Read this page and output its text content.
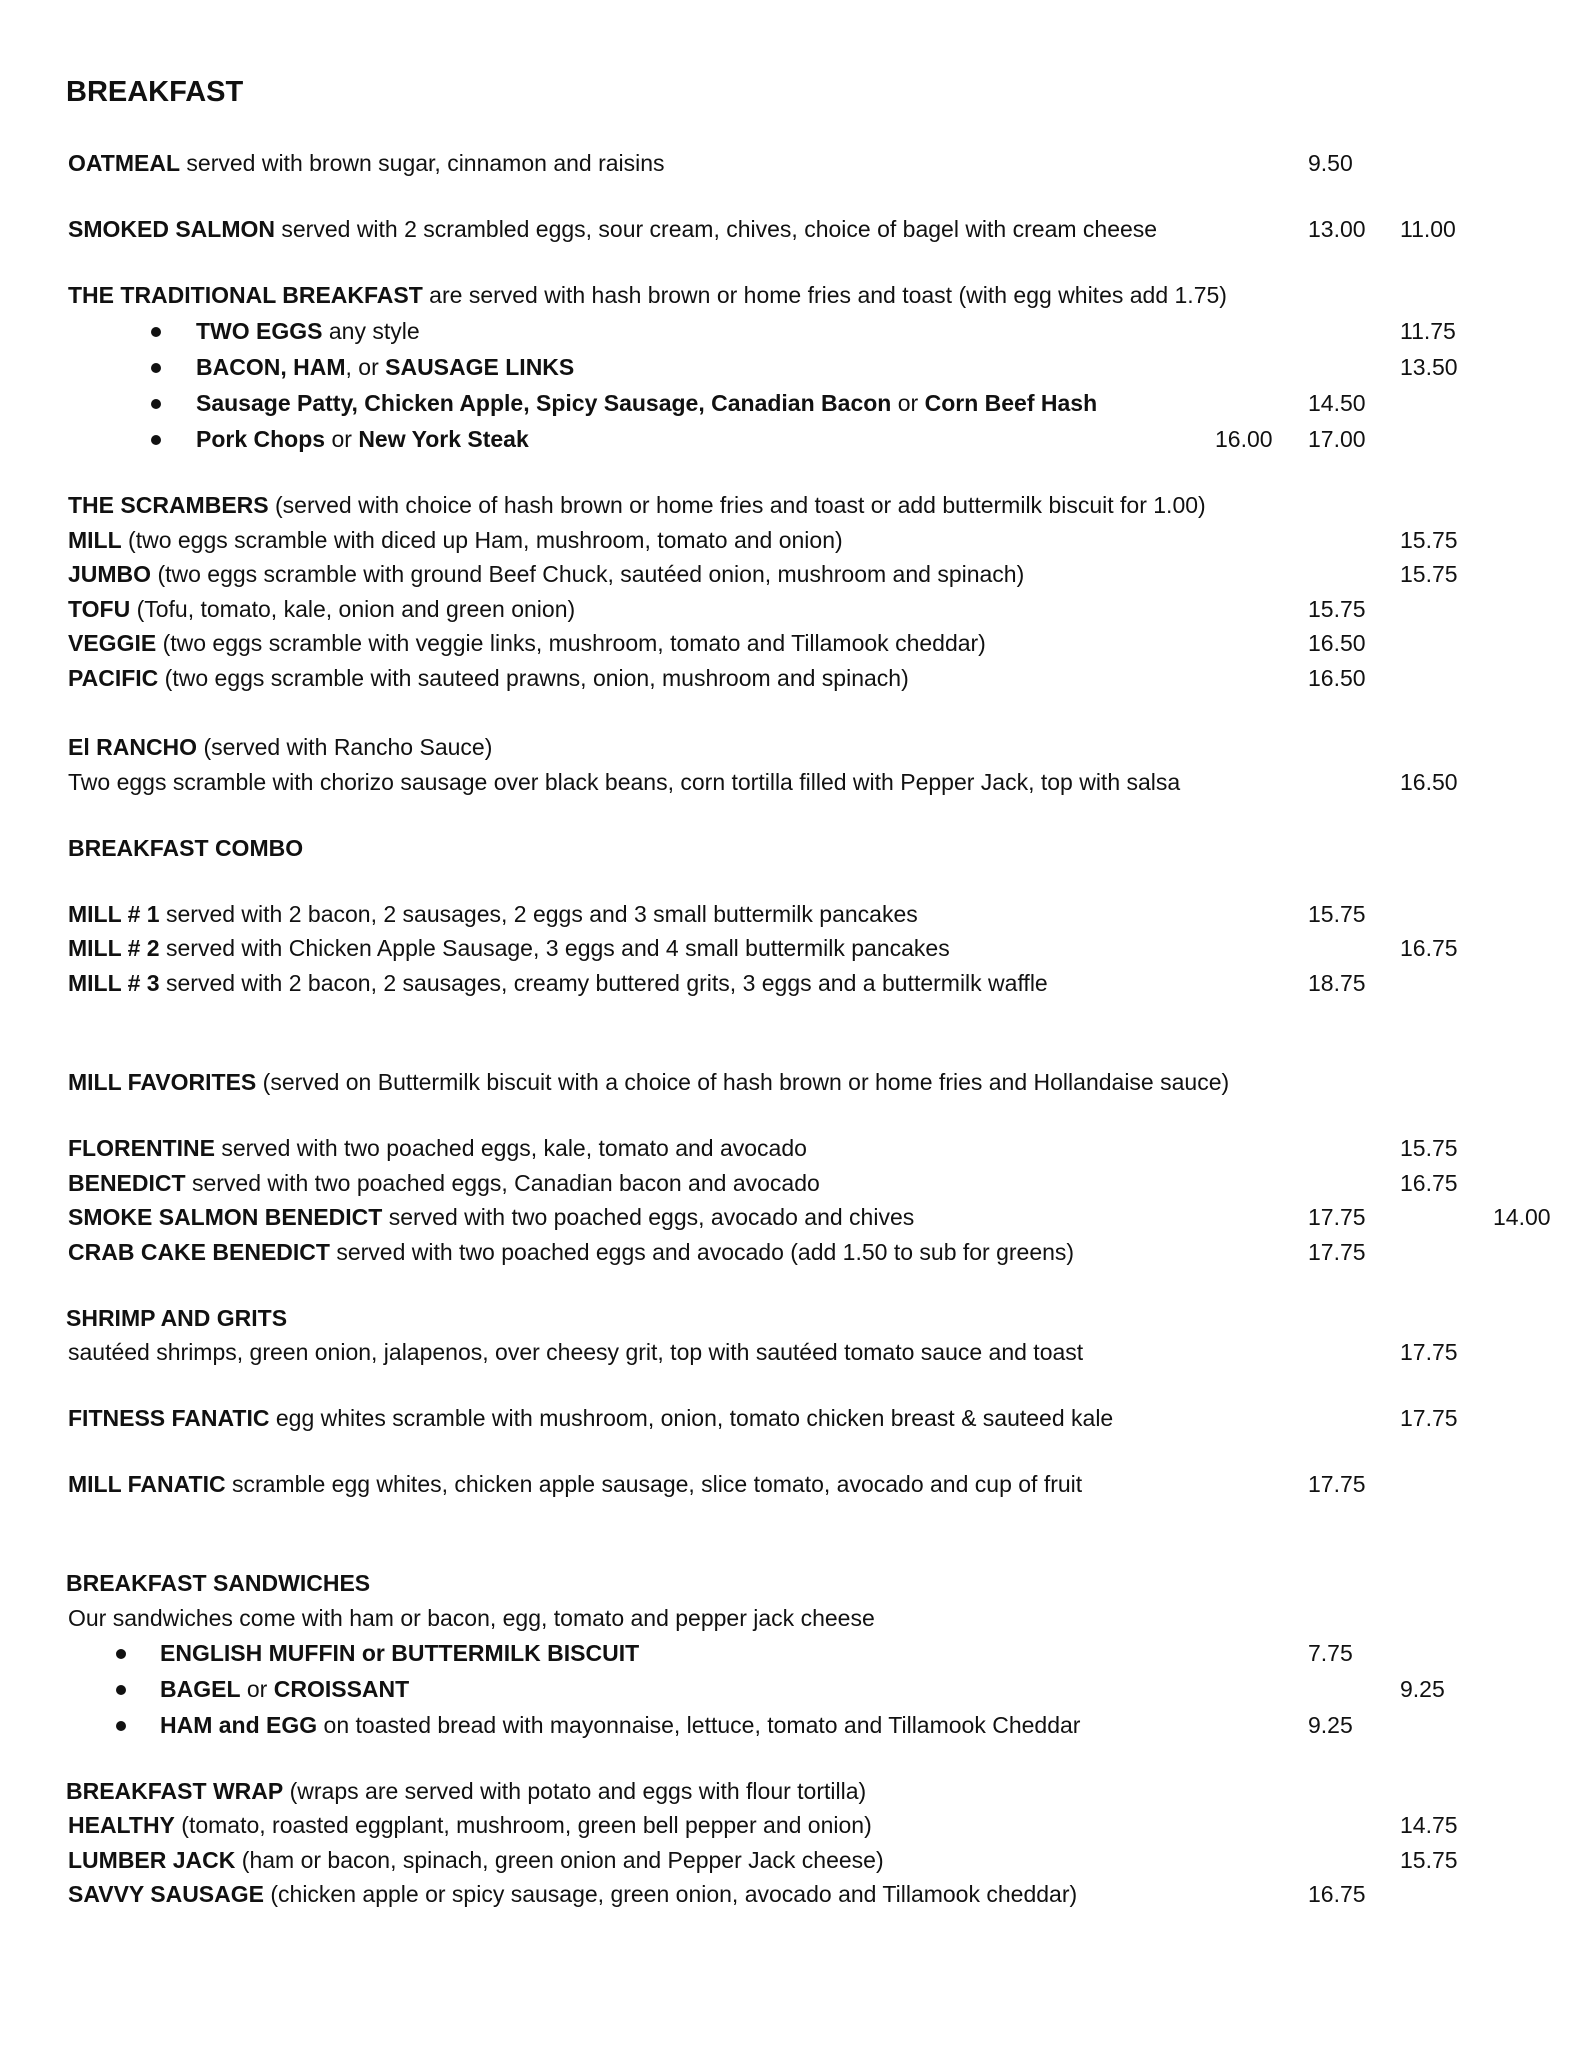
BREAKFAST
OATMEAL served with brown sugar, cinnamon and raisins	9.50
SMOKED SALMON served with 2 scrambled eggs, sour cream, chives, choice of bagel with cream cheese	13.00 11.00
THE TRADITIONAL BREAKFAST are served with hash brown or home fries and toast (with egg whites add 1.75)
TWO EGGS any style	11.75
BACON, HAM, or SAUSAGE LINKS	13.50
Sausage Patty, Chicken Apple, Spicy Sausage, Canadian Bacon or Corn Beef Hash	14.50
Pork Chops or New York Steak	16.00 17.00
THE SCRAMBERS (served with choice of hash brown or home fries and toast or add buttermilk biscuit for 1.00)
MILL (two eggs scramble with diced up Ham, mushroom, tomato and onion)	15.75
JUMBO (two eggs scramble with ground Beef Chuck, sautéed onion, mushroom and spinach)	15.75
TOFU (Tofu, tomato, kale, onion and green onion)	15.75
VEGGIE (two eggs scramble with veggie links, mushroom, tomato and Tillamook cheddar)	16.50
PACIFIC (two eggs scramble with sauteed prawns, onion, mushroom and spinach)	16.50
El RANCHO (served with Rancho Sauce)
Two eggs scramble with chorizo sausage over black beans, corn tortilla filled with Pepper Jack, top with salsa	16.50
BREAKFAST COMBO
MILL # 1 served with 2 bacon, 2 sausages, 2 eggs and 3 small buttermilk pancakes	15.75
MILL # 2 served with Chicken Apple Sausage, 3 eggs and 4 small buttermilk pancakes	16.75
MILL # 3 served with 2 bacon, 2 sausages, creamy buttered grits, 3 eggs and a buttermilk waffle	18.75
MILL FAVORITES (served on Buttermilk biscuit with a choice of hash brown or home fries and Hollandaise sauce)
FLORENTINE served with two poached eggs, kale, tomato and avocado	15.75
BENEDICT served with two poached eggs, Canadian bacon and avocado	16.75
SMOKE SALMON BENEDICT served with two poached eggs, avocado and chives	17.75	14.00
CRAB CAKE BENEDICT served with two poached eggs and avocado (add 1.50 to sub for greens)	17.75
SHRIMP AND GRITS
sautéed shrimps, green onion, jalapenos, over cheesy grit, top with sautéed tomato sauce and toast	17.75
FITNESS FANATIC egg whites scramble with mushroom, onion, tomato chicken breast & sauteed kale	17.75
MILL FANATIC scramble egg whites, chicken apple sausage, slice tomato, avocado and cup of fruit	17.75
BREAKFAST SANDWICHES
Our sandwiches come with ham or bacon, egg, tomato and pepper jack cheese
ENGLISH MUFFIN or BUTTERMILK BISCUIT	7.75
BAGEL or CROISSANT	9.25
HAM and EGG on toasted bread with mayonnaise, lettuce, tomato and Tillamook Cheddar	9.25
BREAKFAST WRAP (wraps are served with potato and eggs with flour tortilla)
HEALTHY (tomato, roasted eggplant, mushroom, green bell pepper and onion)	14.75
LUMBER JACK (ham or bacon, spinach, green onion and Pepper Jack cheese)	15.75
SAVVY SAUSAGE (chicken apple or spicy sausage, green onion, avocado and Tillamook cheddar)	16.75
